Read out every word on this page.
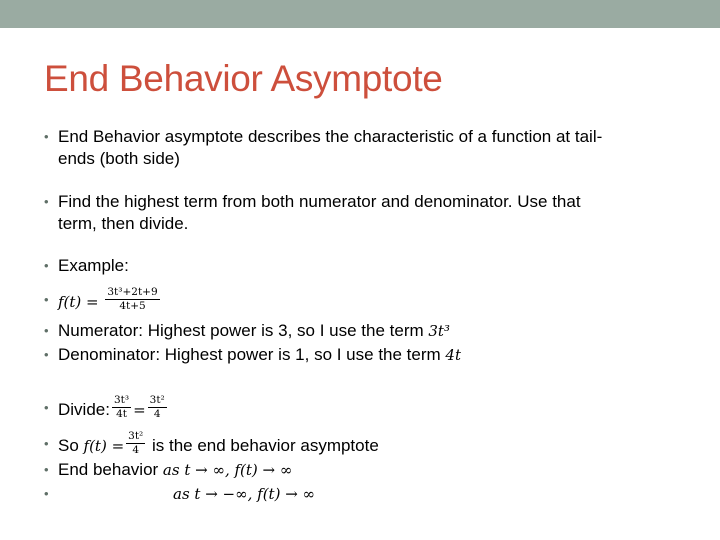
End Behavior Asymptote
• End Behavior asymptote describes the characteristic of a function at tail-
ends (both side)
• Find the highest term from both numerator and denominator. Use that
term, then divide.
• Example:
• $f(t) = \frac{\text{3t³+2t+9}}{4t+5}$
• Numerator: Highest power is 3, so I use the term 3t³
• Denominator: Highest power is 1, so I use the term 4t
• Divide: $\frac{\text{3t³}}{4t} = \frac{\text{3t²}}{4}$
• So $f(t) = \frac{\text{3t²}}{4}$ is the end behavior asymptote
• End behavior as t → ∞, f(t) → ∞
•	as t → −∞, f(t) → ∞
